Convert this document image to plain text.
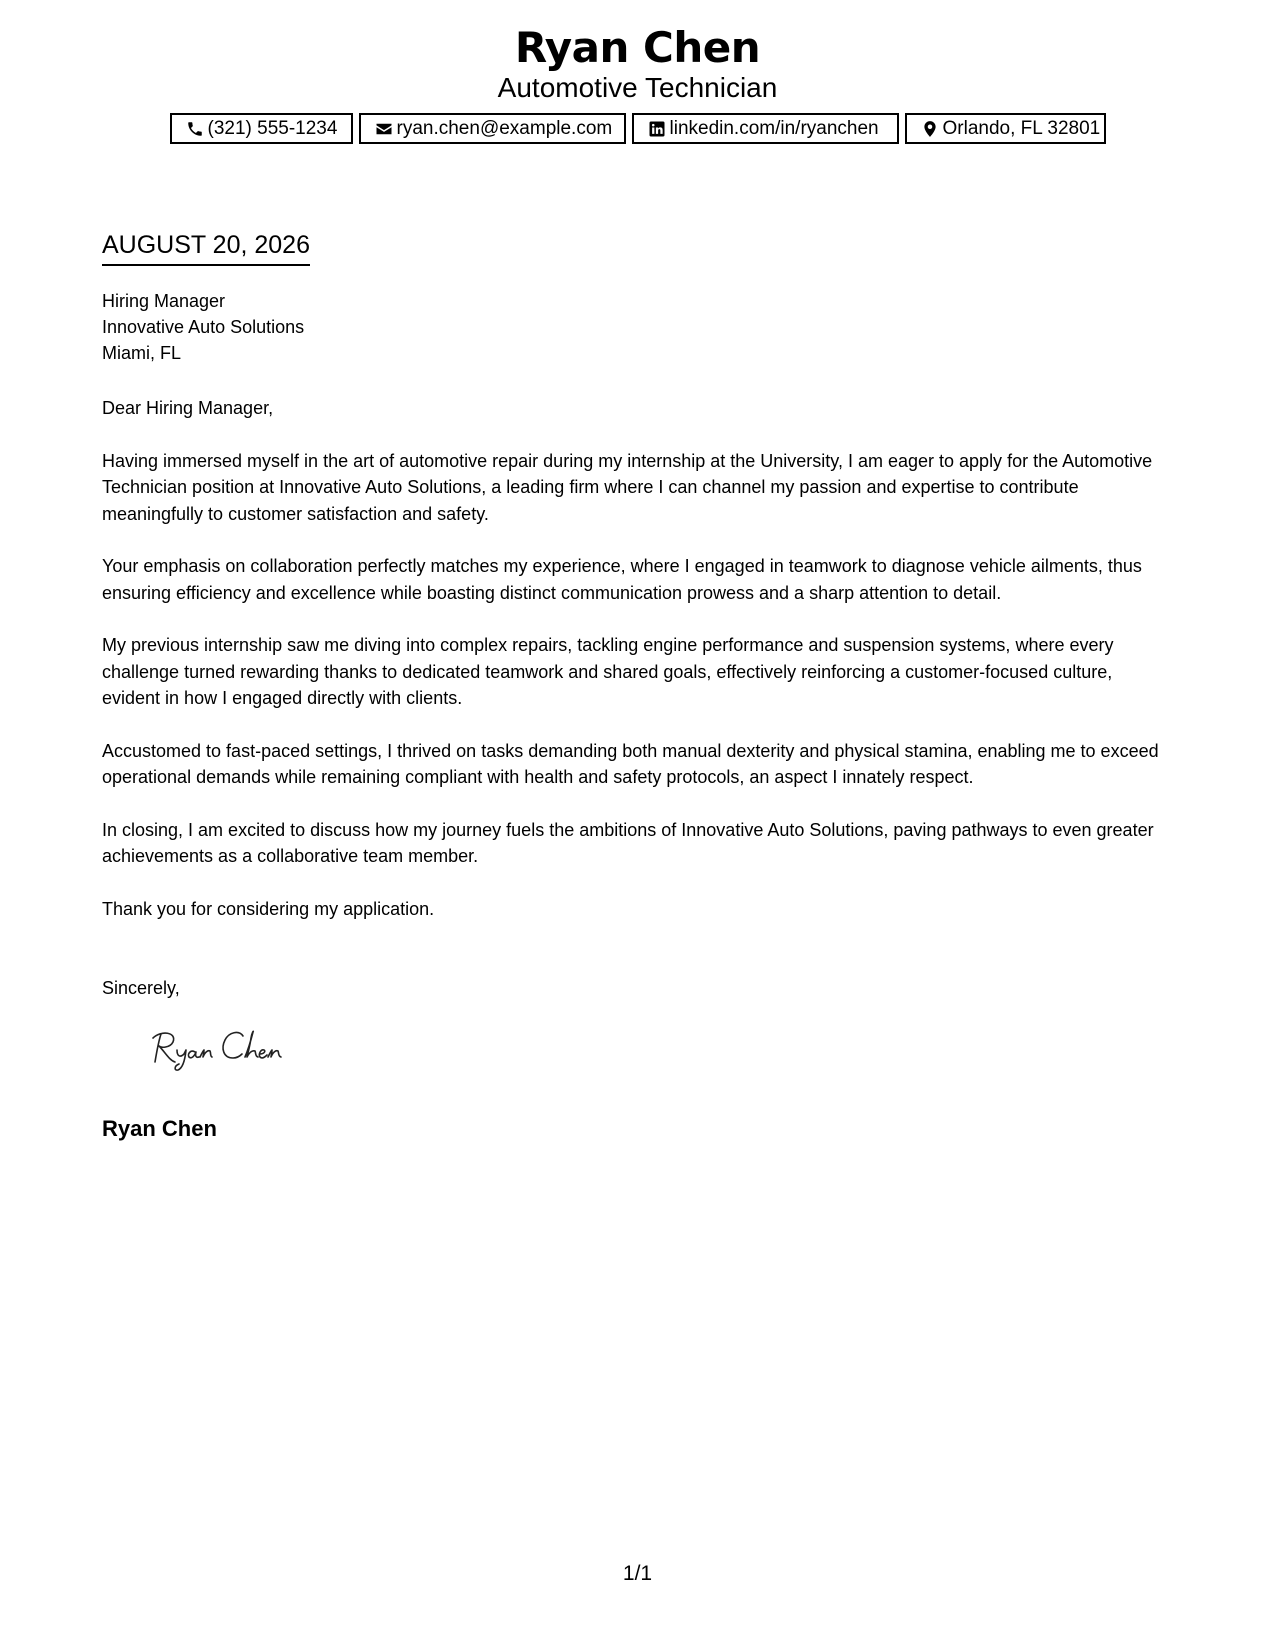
Ryan Chen
Automotive Technician
(321) 555-1234	ryan.chen@example.com	linkedin.com/in/ryanchen	Orlando, FL 32801
AUGUST 20, 2026
Hiring Manager
Innovative Auto Solutions
Miami, FL

Dear Hiring Manager,

Having immersed myself in the art of automotive repair during my internship at the University, I am eager to apply for the Automotive Technician position at Innovative Auto Solutions, a leading firm where I can channel my passion and expertise to contribute meaningfully to customer satisfaction and safety.

Your emphasis on collaboration perfectly matches my experience, where I engaged in teamwork to diagnose vehicle ailments, thus ensuring efficiency and excellence while boasting distinct communication prowess and a sharp attention to detail.

My previous internship saw me diving into complex repairs, tackling engine performance and suspension systems, where every challenge turned rewarding thanks to dedicated teamwork and shared goals, effectively reinforcing a customer-focused culture, evident in how I engaged directly with clients.

Accustomed to fast-paced settings, I thrived on tasks demanding both manual dexterity and physical stamina, enabling me to exceed operational demands while remaining compliant with health and safety protocols, an aspect I innately respect.

In closing, I am excited to discuss how my journey fuels the ambitions of Innovative Auto Solutions, paving pathways to even greater achievements as a collaborative team member.

Thank you for considering my application.

Sincerely,
Ryan Chen
1/1
